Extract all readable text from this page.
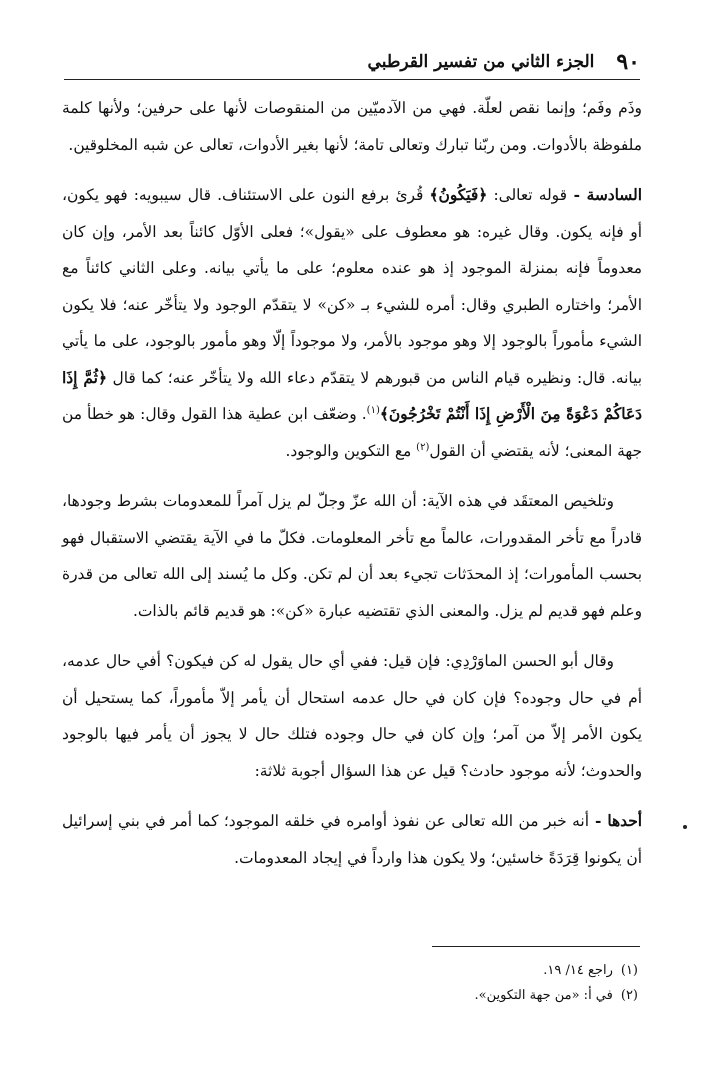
٩٠
الجزء الثاني من تفسير القرطبي

وذَم وفَم؛ وإنما نقص لعلّة. فهي من الآدميّين من المنقوصات لأنها على حرفين؛ ولأنها كلمة ملفوظة بالأدوات. ومن ربّنا تبارك وتعالى تامة؛ لأنها بغير الأدوات، تعالى عن شبه المخلوقين.

السادسة - قوله تعالى: ﴿فَيَكُونُ﴾ قُرئ برفع النون على الاستئناف. قال سيبويه: فهو يكون، أو فإنه يكون. وقال غيره: هو معطوف على «يقول»؛ فعلى الأوّل كائناً بعد الأمر، وإن كان معدوماً فإنه بمنزلة الموجود إذ هو عنده معلوم؛ على ما يأتي بيانه. وعلى الثاني كائناً مع الأمر؛ واختاره الطبري وقال: أمره للشيء بـ «كن» لا يتقدّم الوجود ولا يتأخّر عنه؛ فلا يكون الشيء مأموراً بالوجود إلا وهو موجود بالأمر، ولا موجوداً إلّا وهو مأمور بالوجود، على ما يأتي بيانه. قال: ونظيره قيام الناس من قبورهم لا يتقدّم دعاء الله ولا يتأخّر عنه؛ كما قال ﴿ثُمَّ إِذَا دَعَاكُمْ دَعْوَةً مِنَ الْأَرْضِ إِذَا أَنْتُمْ تَخْرُجُونَ﴾$^{(١)}$. وضعّف ابن عطية هذا القول وقال: هو خطأ من جهة المعنى؛ لأنه يقتضي أن القول$^{(٢)}$ مع التكوين والوجود.

وتلخيص المعتقَد في هذه الآية: أن الله عزّ وجلّ لم يزل آمراً للمعدومات بشرط وجودها، قادراً مع تأخر المقدورات، عالماً مع تأخر المعلومات. فكلّ ما في الآية يقتضي الاستقبال فهو بحسب المأمورات؛ إذ المحدَثات تجيء بعد أن لم تكن. وكل ما يُسند إلى الله تعالى من قدرة وعلم فهو قديم لم يزل. والمعنى الذي تقتضيه عبارة «كن»: هو قديم قائم بالذات.

وقال أبو الحسن الماوَرْدِي: فإن قيل: ففي أي حال يقول له كن فيكون؟ أفي حال عدمه، أم في حال وجوده؟ فإن كان في حال عدمه استحال أن يأمر إلاّ مأموراً، كما يستحيل أن يكون الأمر إلاّ من آمر؛ وإن كان في حال وجوده فتلك حال لا يجوز أن يأمر فيها بالوجود والحدوث؛ لأنه موجود حادث؟ قيل عن هذا السؤال أجوبة ثلاثة:

أحدها - أنه خبر من الله تعالى عن نفوذ أوامره في خلقه الموجود؛ كما أمر في بني إسرائيل أن يكونوا قِرَدَةً خاسئين؛ ولا يكون هذا وارداً في إيجاد المعدومات.

(١)راجع ١٤/ ١٩.

(٢)في أ: «من جهة التكوين».
